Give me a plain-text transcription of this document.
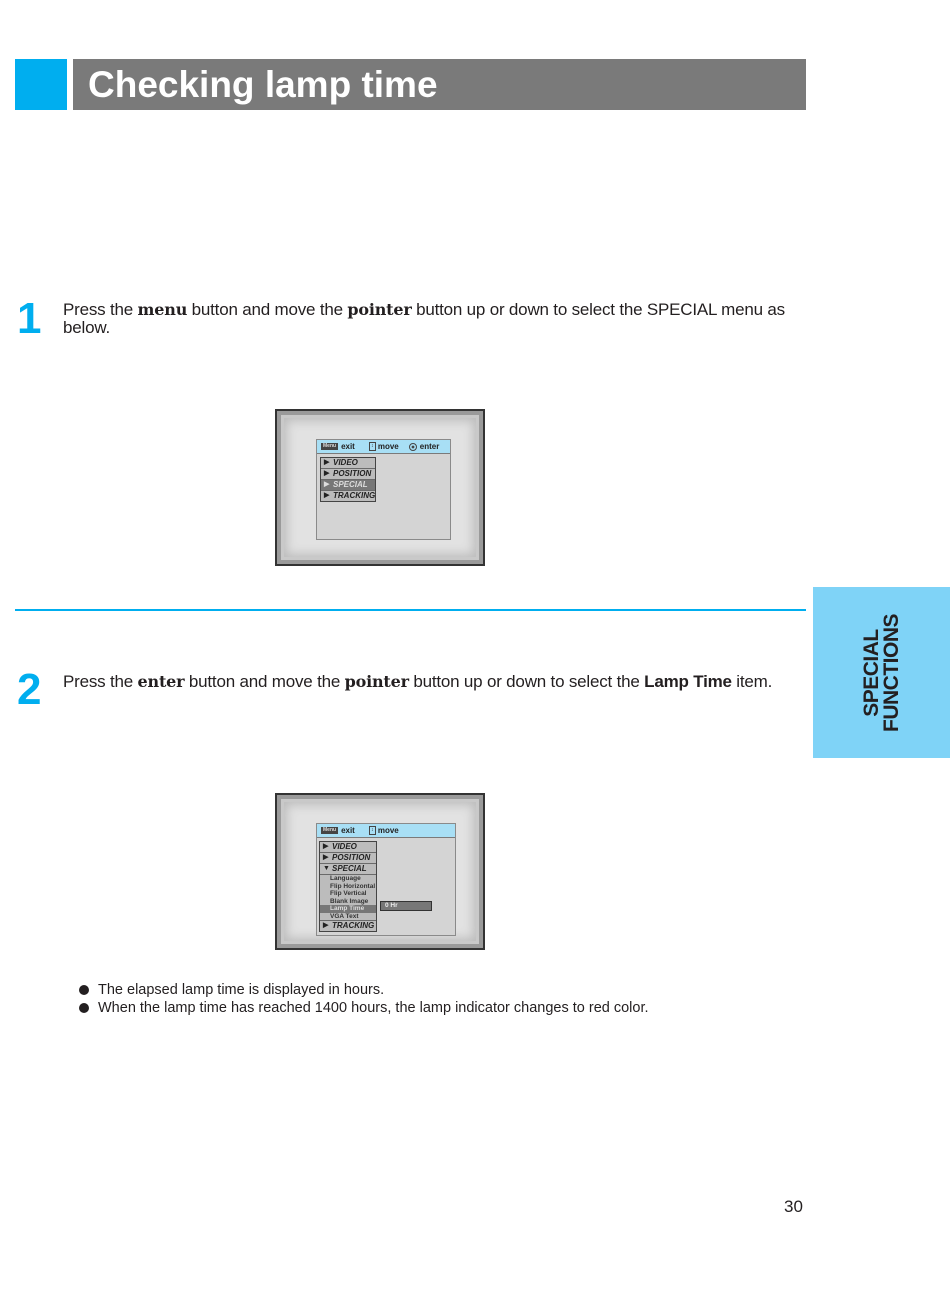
Checking lamp time
SPECIAL
FUNCTIONS
1 Press the menu button and move the pointer button up or down to select the SPECIAL menu as below.
Menu exit	↕ move	enter
▶ VIDEO
▶ POSITION
▶ SPECIAL
▶ TRACKING
2 Press the enter button and move the pointer button up or down to select the Lamp Time item.
Menu exit	↕ move
▶ VIDEO
▶ POSITION
▼ SPECIAL
Language
Flip Horizontal
Flip Vertical
Blank Image
Lamp Time
VGA Text
▶ TRACKING
0 Hr
The elapsed lamp time is displayed in hours.
When the lamp time has reached 1400 hours, the lamp indicator changes to red color.
30
